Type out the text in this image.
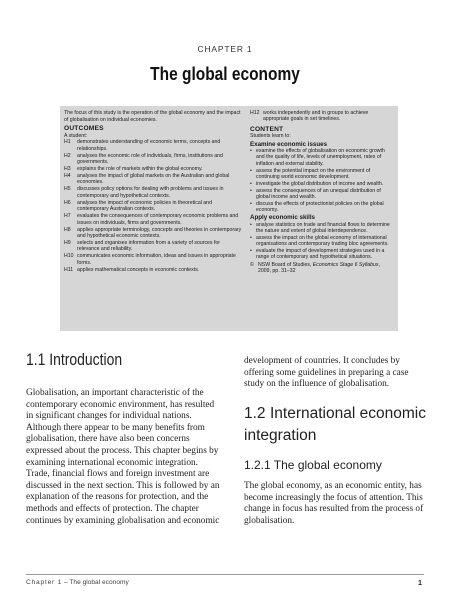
CHAPTER 1
The global economy

The focus of this study is the operation of the global economy and the impact of globalisation on individual economies.

OUTCOMES
A student:
H1	demonstrates understanding of economic terms, concepts and relationships.
H2	analyses the economic role of individuals, firms, institutions and governments.
H3	explains the role of markets within the global economy.
H4	analyses the impact of global markets on the Australian and global economies.
H5	discusses policy options for dealing with problems and issues in contemporary and hypothetical contexts.
H6	analyses the impact of economic policies in theoretical and contemporary Australian contexts.
H7	evaluates the consequences of contemporary economic problems and issues on individuals, firms and governments.
H8	applies appropriate terminology, concepts and theories in contemporary and hypothetical economic contexts.
H9	selects and organises information from a variety of sources for relevance and reliability.
H10 communicates economic information, ideas and issues in appropriate forms.
H11 applies mathematical concepts in economic contexts.
H12 works independently and in groups to achieve appropriate goals in set timelines.
CONTENT
Students learn to:
Examine economic issues
• examine the effects of globalisation on economic growth and the quality of life, levels of unemployment, rates of inflation and external stability.
• assess the potential impact on the environment of continuing world economic development.
• investigate the global distribution of income and wealth.
• assess the consequences of an unequal distribution of global income and wealth.
• discuss the effects of protectionist policies on the global economy.
Apply economic skills
• analyse statistics on trade and financial flows to determine the nature and extent of global interdependence.
• assess the impact on the global economy of international organisations and contemporary trading bloc agreements.
• evaluate the impact of development strategies used in a range of contemporary and hypothetical situations.
© NSW Board of Studies, Economics Stage 6 Syllabus, 2009, pp. 31–32
1.1 Introduction

Globalisation, an important characteristic of the contemporary economic environment, has resulted in significant changes for individual nations. Although there appear to be many benefits from globalisation, there have also been concerns expressed about the process. This chapter begins by examining international economic integration. Trade, financial flows and foreign investment are discussed in the next section. This is followed by an explanation of the reasons for protection, and the methods and effects of protection. The chapter continues by examining globalisation and economic

development of countries. It concludes by offering some guidelines in preparing a case study on the influence of globalisation.

1.2 International economic integration
1.2.1 The global economy

The global economy, as an economic entity, has become increasingly the focus of attention. This change in focus has resulted from the process of globalisation.

Chapter 1 – The global economy	1
